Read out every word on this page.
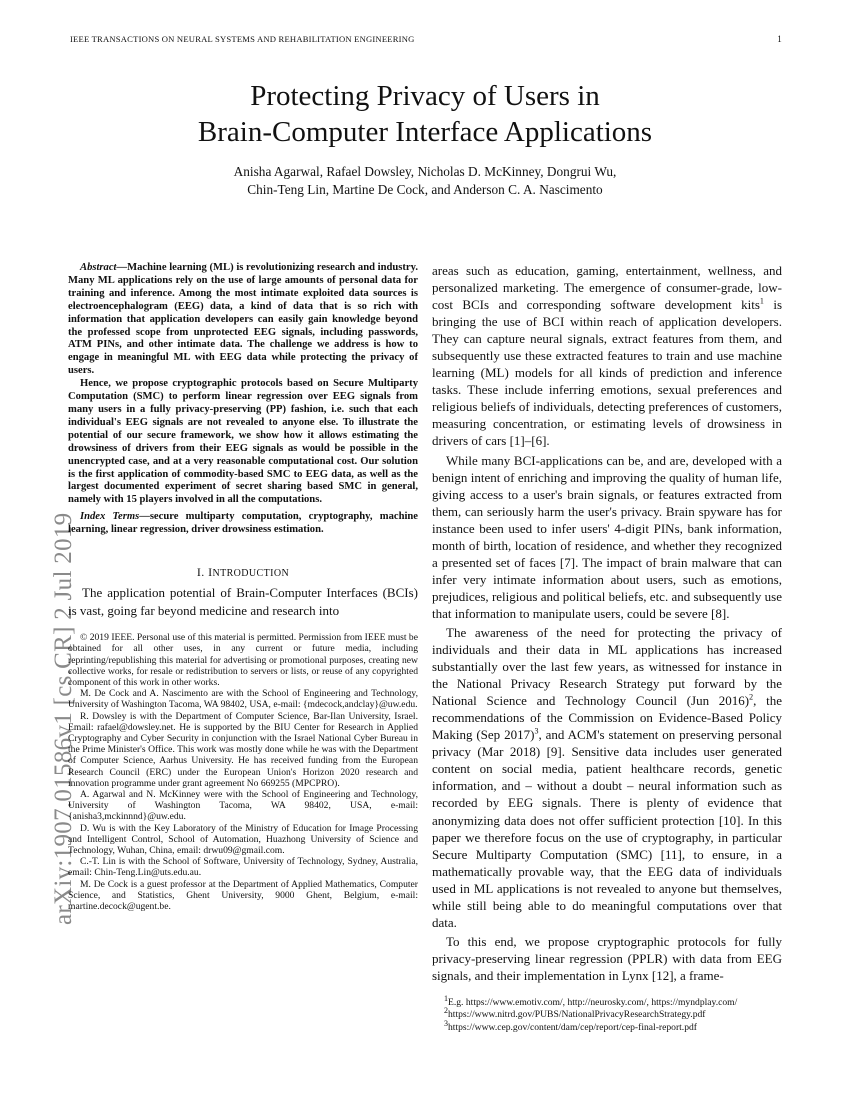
IEEE TRANSACTIONS ON NEURAL SYSTEMS AND REHABILITATION ENGINEERING	1
arXiv:1907.01586v1 [cs.CR] 2 Jul 2019
Protecting Privacy of Users in
Brain-Computer Interface Applications
Anisha Agarwal, Rafael Dowsley, Nicholas D. McKinney, Dongrui Wu,
Chin-Teng Lin, Martine De Cock, and Anderson C. A. Nascimento

Abstract—Machine learning (ML) is revolutionizing research and industry. Many ML applications rely on the use of large amounts of personal data for training and inference. Among the most intimate exploited data sources is electroencephalogram (EEG) data, a kind of data that is so rich with information that application developers can easily gain knowledge beyond the professed scope from unprotected EEG signals, including passwords, ATM PINs, and other intimate data. The challenge we address is how to engage in meaningful ML with EEG data while protecting the privacy of users.

Hence, we propose cryptographic protocols based on Secure Multiparty Computation (SMC) to perform linear regression over EEG signals from many users in a fully privacy-preserving (PP) fashion, i.e. such that each individual's EEG signals are not revealed to anyone else. To illustrate the potential of our secure framework, we show how it allows estimating the drowsiness of drivers from their EEG signals as would be possible in the unencrypted case, and at a very reasonable computational cost. Our solution is the first application of commodity-based SMC to EEG data, as well as the largest documented experiment of secret sharing based SMC in general, namely with 15 players involved in all the computations.

Index Terms—secure multiparty computation, cryptography, machine learning, linear regression, driver drowsiness estimation.
I. INTRODUCTION
The application potential of Brain-Computer Interfaces (BCIs) is vast, going far beyond medicine and research into

© 2019 IEEE. Personal use of this material is permitted. Permission from IEEE must be obtained for all other uses, in any current or future media, including reprinting/republishing this material for advertising or promotional purposes, creating new collective works, for resale or redistribution to servers or lists, or reuse of any copyrighted component of this work in other works.

M. De Cock and A. Nascimento are with the School of Engineering and Technology, University of Washington Tacoma, WA 98402, USA, e-mail: {mdecock,andclay}@uw.edu.

R. Dowsley is with the Department of Computer Science, Bar-Ilan University, Israel. Email: rafael@dowsley.net. He is supported by the BIU Center for Research in Applied Cryptography and Cyber Security in conjunction with the Israel National Cyber Bureau in the Prime Minister's Office. This work was mostly done while he was with the Department of Computer Science, Aarhus University. He has received funding from the European Research Council (ERC) under the European Union's Horizon 2020 research and innovation programme under grant agreement No 669255 (MPCPRO).

A. Agarwal and N. McKinney were with the School of Engineering and Technology, University of Washington Tacoma, WA 98402, USA, e-mail: {anisha3,mckinnnd}@uw.edu.

D. Wu is with the Key Laboratory of the Ministry of Education for Image Processing and Intelligent Control, School of Automation, Huazhong University of Science and Technology, Wuhan, China, email: drwu09@gmail.com.

C.-T. Lin is with the School of Software, University of Technology, Sydney, Australia, email: Chin-Teng.Lin@uts.edu.au.

M. De Cock is a guest professor at the Department of Applied Mathematics, Computer Science, and Statistics, Ghent University, 9000 Ghent, Belgium, e-mail: martine.decock@ugent.be.

areas such as education, gaming, entertainment, wellness, and personalized marketing. The emergence of consumer-grade, low-cost BCIs and corresponding software development kits$^1$ is bringing the use of BCI within reach of application developers. They can capture neural signals, extract features from them, and subsequently use these extracted features to train and use machine learning (ML) models for all kinds of prediction and inference tasks. These include inferring emotions, sexual preferences and religious beliefs of individuals, detecting preferences of customers, measuring concentration, or estimating levels of drowsiness in drivers of cars [1]–[6].

While many BCI-applications can be, and are, developed with a benign intent of enriching and improving the quality of human life, giving access to a user's brain signals, or features extracted from them, can seriously harm the user's privacy. Brain spyware has for instance been used to infer users' 4-digit PINs, bank information, month of birth, location of residence, and whether they recognized a presented set of faces [7]. The impact of brain malware that can infer very intimate information about users, such as emotions, prejudices, religious and political beliefs, etc. and subsequently use that information to manipulate users, could be severe [8].

The awareness of the need for protecting the privacy of individuals and their data in ML applications has increased substantially over the last few years, as witnessed for instance in the National Privacy Research Strategy put forward by the National Science and Technology Council (Jun 2016)$^2$, the recommendations of the Commission on Evidence-Based Policy Making (Sep 2017)$^3$, and ACM's statement on preserving personal privacy (Mar 2018) [9]. Sensitive data includes user generated content on social media, patient healthcare records, genetic information, and – without a doubt – neural information such as recorded by EEG signals. There is plenty of evidence that anonymizing data does not offer sufficient protection [10]. In this paper we therefore focus on the use of cryptography, in particular Secure Multiparty Computation (SMC) [11], to ensure, in a mathematically provable way, that the EEG data of individuals used in ML applications is not revealed to anyone but themselves, while still being able to do meaningful computations over that data.

To this end, we propose cryptographic protocols for fully privacy-preserving linear regression (PPLR) with data from EEG signals, and their implementation in Lynx [12], a frame-

$^1$E.g. https://www.emotiv.com/, http://neurosky.com/, https://myndplay.com/
$^2$https://www.nitrd.gov/PUBS/NationalPrivacyResearchStrategy.pdf
$^3$https://www.cep.gov/content/dam/cep/report/cep-final-report.pdf
